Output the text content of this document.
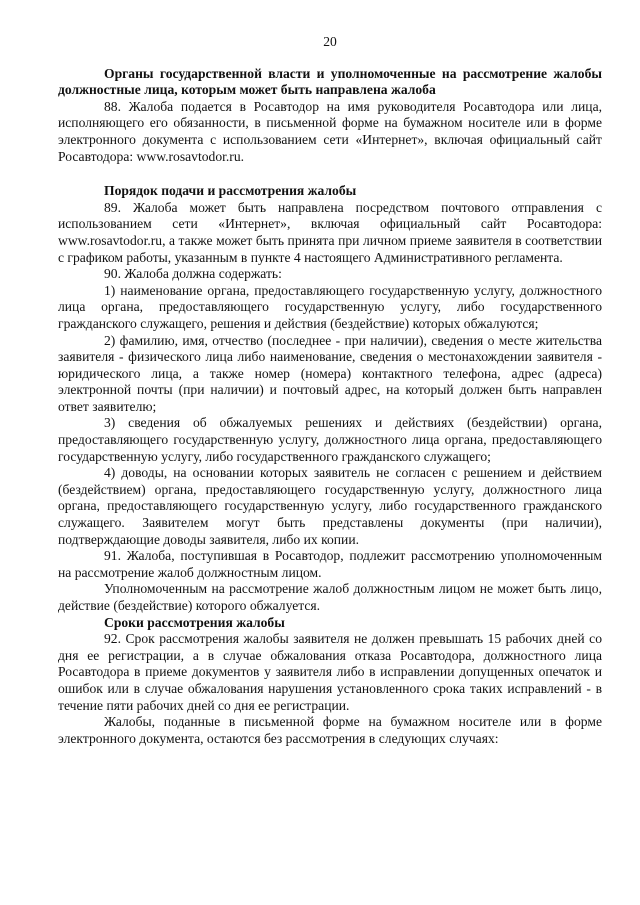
20

Органы государственной власти и уполномоченные на рассмотрение жалобы должностные лица, которым может быть направлена жалоба

88. Жалоба подается в Росавтодор на имя руководителя Росавтодора или лица, исполняющего его обязанности, в письменной форме на бумажном носителе или в форме электронного документа с использованием сети «Интернет», включая официальный сайт Росавтодора: www.rosavtodor.ru.

Порядок подачи и рассмотрения жалобы

89. Жалоба может быть направлена посредством почтового отправления с использованием сети «Интернет», включая официальный сайт Росавтодора: www.rosavtodor.ru, а также может быть принята при личном приеме заявителя в соответствии с графиком работы, указанным в пункте 4 настоящего Административного регламента.

90. Жалоба должна содержать:

1) наименование органа, предоставляющего государственную услугу, должностного лица органа, предоставляющего государственную услугу, либо государственного гражданского служащего, решения и действия (бездействие) которых обжалуются;

2) фамилию, имя, отчество (последнее - при наличии), сведения о месте жительства заявителя - физического лица либо наименование, сведения о местонахождении заявителя - юридического лица, а также номер (номера) контактного телефона, адрес (адреса) электронной почты (при наличии) и почтовый адрес, на который должен быть направлен ответ заявителю;

3) сведения об обжалуемых решениях и действиях (бездействии) органа, предоставляющего государственную услугу, должностного лица органа, предоставляющего государственную услугу, либо государственного гражданского служащего;

4) доводы, на основании которых заявитель не согласен с решением и действием (бездействием) органа, предоставляющего государственную услугу, должностного лица органа, предоставляющего государственную услугу, либо государственного гражданского служащего. Заявителем могут быть представлены документы (при наличии), подтверждающие доводы заявителя, либо их копии.

91. Жалоба, поступившая в Росавтодор, подлежит рассмотрению уполномоченным на рассмотрение жалоб должностным лицом.

Уполномоченным на рассмотрение жалоб должностным лицом не может быть лицо, действие (бездействие) которого обжалуется.

Сроки рассмотрения жалобы

92. Срок рассмотрения жалобы заявителя не должен превышать 15 рабочих дней со дня ее регистрации, а в случае обжалования отказа Росавтодора, должностного лица Росавтодора в приеме документов у заявителя либо в исправлении допущенных опечаток и ошибок или в случае обжалования нарушения установленного срока таких исправлений - в течение пяти рабочих дней со дня ее регистрации.

Жалобы, поданные в письменной форме на бумажном носителе или в форме электронного документа, остаются без рассмотрения в следующих случаях:
